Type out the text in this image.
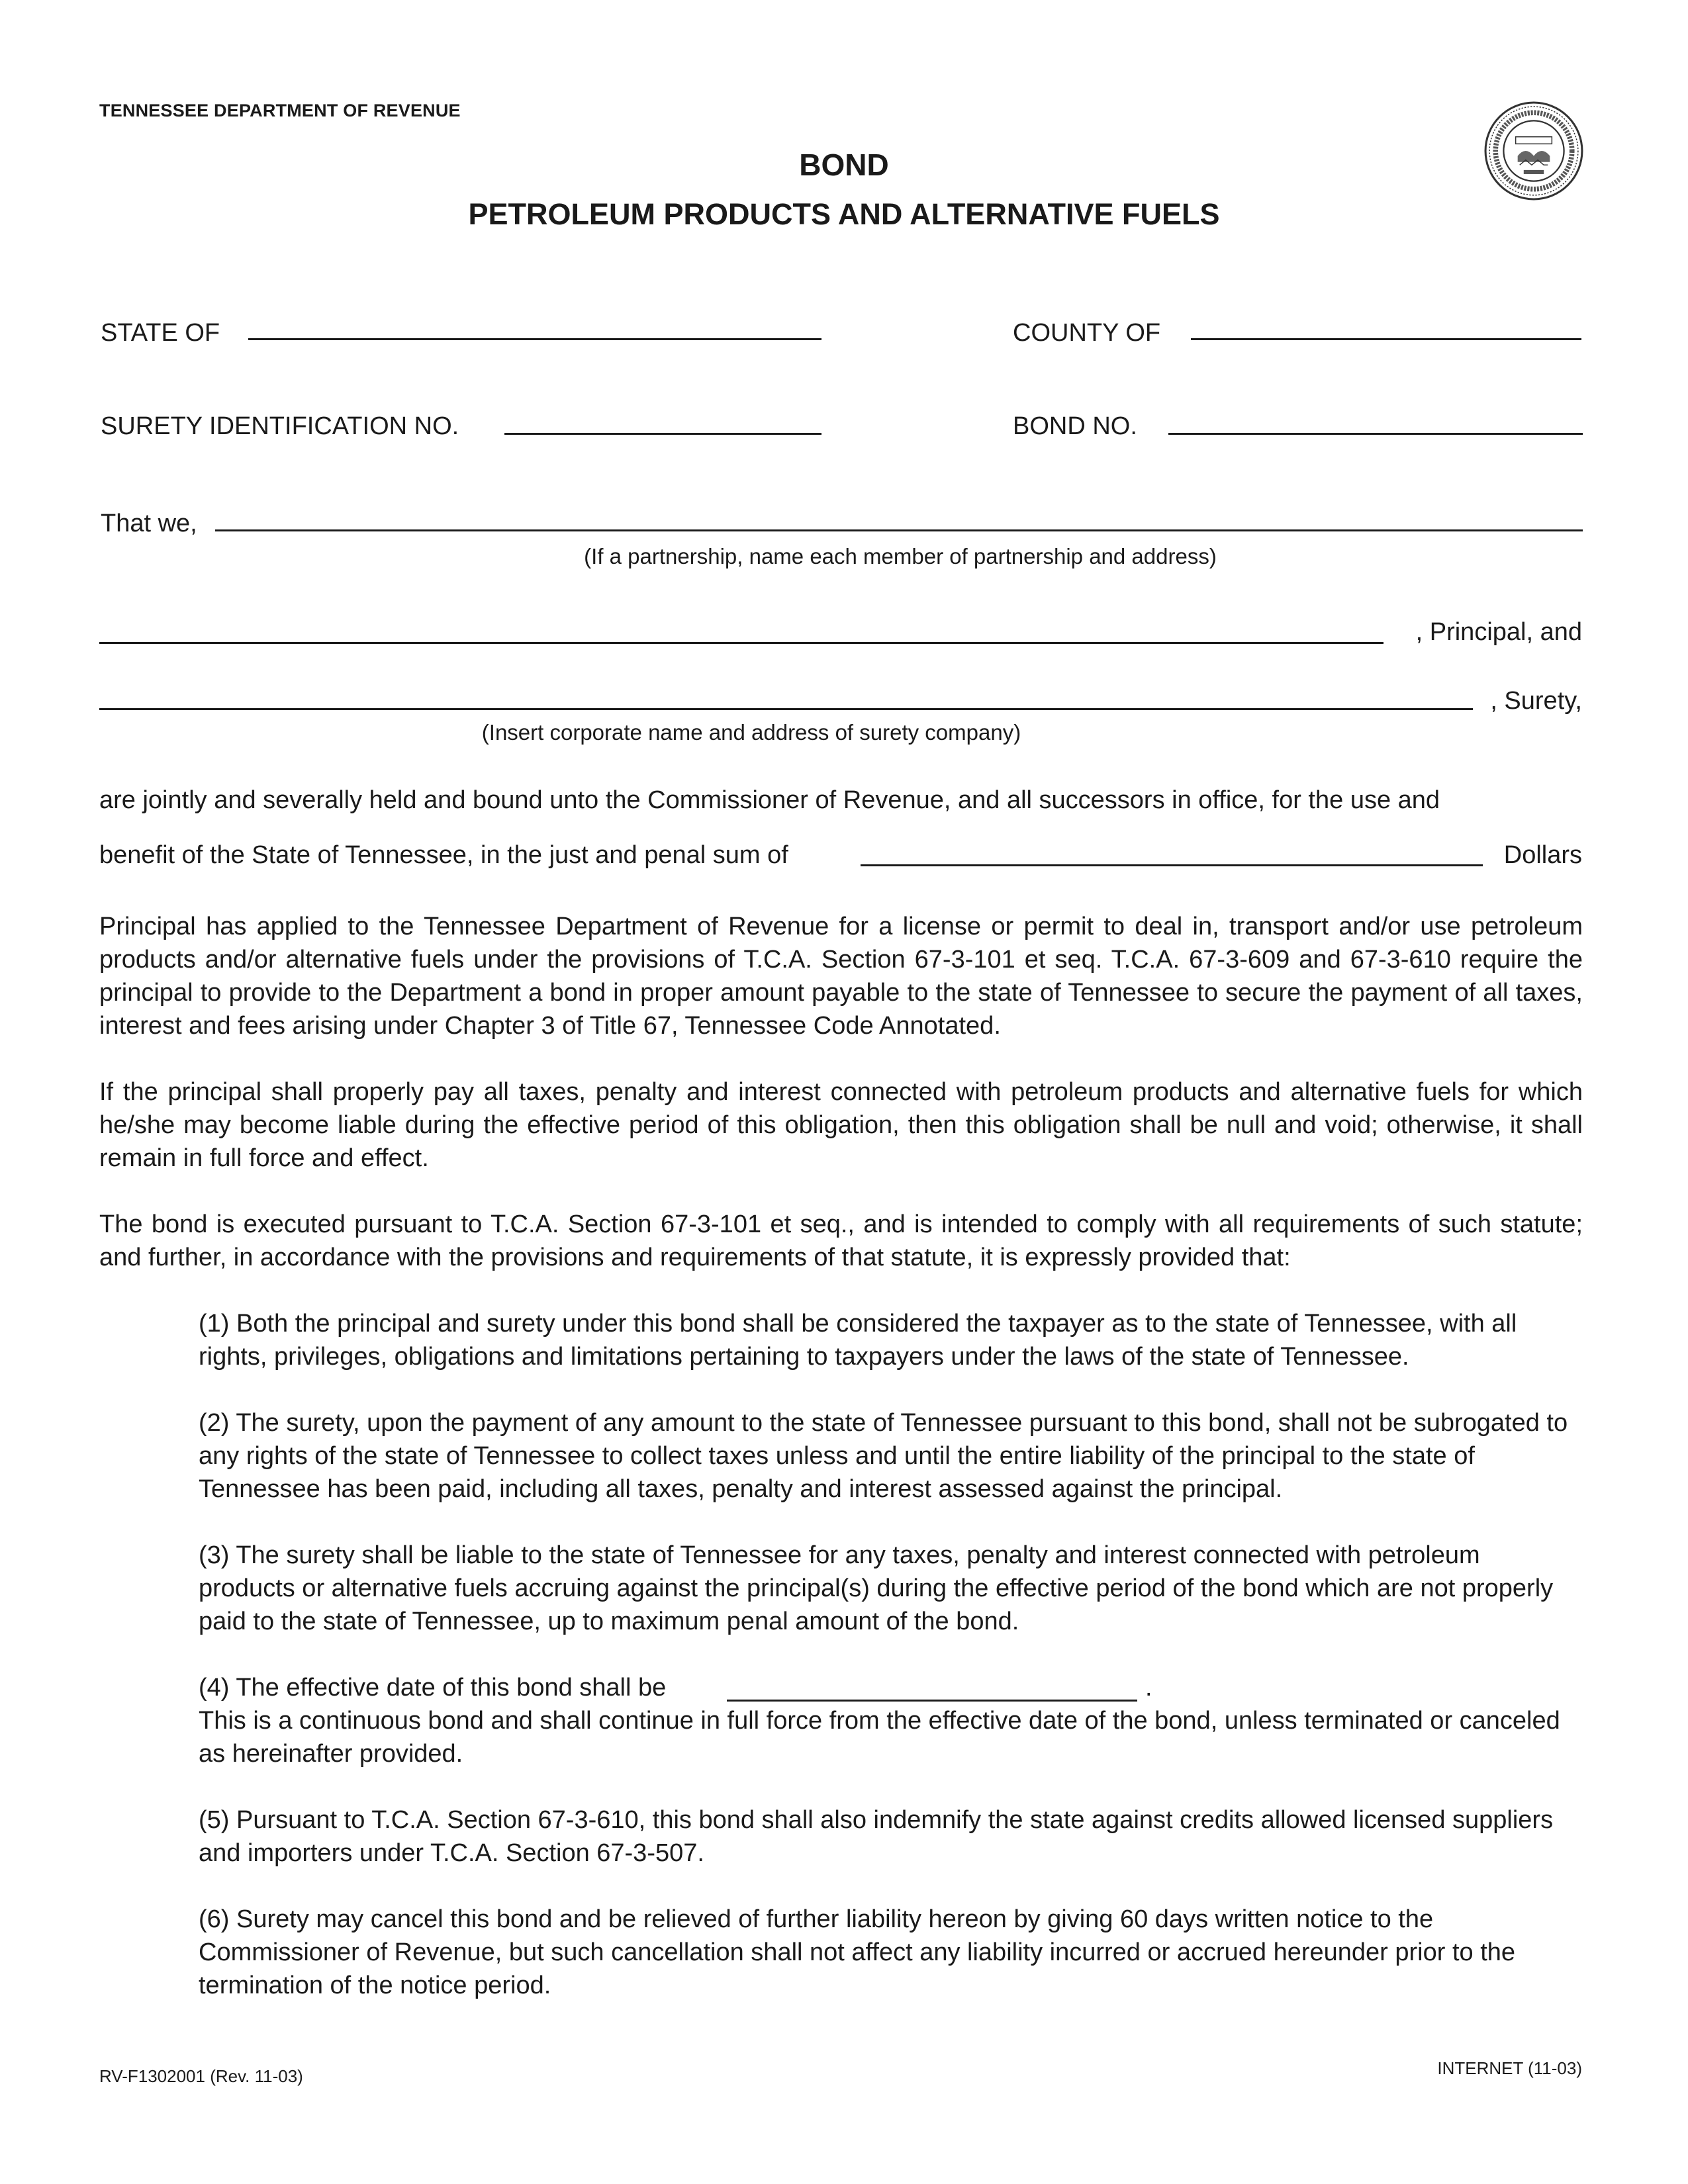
TENNESSEE DEPARTMENT OF REVENUE
BOND
PETROLEUM PRODUCTS AND ALTERNATIVE FUELS
STATE OF	COUNTY OF
SURETY IDENTIFICATION NO.	BOND NO.
That we,
(If a partnership, name each member of partnership and address)
, Principal, and
, Surety,
(Insert corporate name and address of surety company)
are jointly and severally held and bound unto the Commissioner of Revenue, and all successors in office, for the use and
benefit of the State of Tennessee, in the just and penal sum of	Dollars
Principal has applied to the Tennessee Department of Revenue for a license or permit to deal in, transport and/or use petroleum products and/or alternative fuels under the provisions of T.C.A. Section 67-3-101 et seq. T.C.A. 67-3-609 and 67-3-610 require the principal to provide to the Department a bond in proper amount payable to the state of Tennessee to secure the payment of all taxes, interest and fees arising under Chapter 3 of Title 67, Tennessee Code Annotated.
If the principal shall properly pay all taxes, penalty and interest connected with petroleum products and alternative fuels for which he/she may become liable during the effective period of this obligation, then this obligation shall be null and void; otherwise, it shall remain in full force and effect.
The bond is executed pursuant to T.C.A. Section 67-3-101 et seq., and is intended to comply with all requirements of such statute; and further, in accordance with the provisions and requirements of that statute, it is expressly provided that:
(1) Both the principal and surety under this bond shall be considered the taxpayer as to the state of Tennessee, with all rights, privileges, obligations and limitations pertaining to taxpayers under the laws of the state of Tennessee.
(2) The surety, upon the payment of any amount to the state of Tennessee pursuant to this bond, shall not be subrogated to any rights of the state of Tennessee to collect taxes unless and until the entire liability of the principal to the state of Tennessee has been paid, including all taxes, penalty and interest assessed against the principal.
(3) The surety shall be liable to the state of Tennessee for any taxes, penalty and interest connected with petroleum products or alternative fuels accruing against the principal(s) during the effective period of the bond which are not properly paid to the state of Tennessee, up to maximum penal amount of the bond.
(4) The effective date of this bond shall be	.
This is a continuous bond and shall continue in full force from the effective date of the bond, unless terminated or canceled as hereinafter provided.
(5) Pursuant to T.C.A. Section 67-3-610, this bond shall also indemnify the state against credits allowed licensed suppliers and importers under T.C.A. Section 67-3-507.
(6) Surety may cancel this bond and be relieved of further liability hereon by giving 60 days written notice to the Commissioner of Revenue, but such cancellation shall not affect any liability incurred or accrued hereunder prior to the termination of the notice period.
RV-F1302001 (Rev. 11-03)	INTERNET (11-03)
